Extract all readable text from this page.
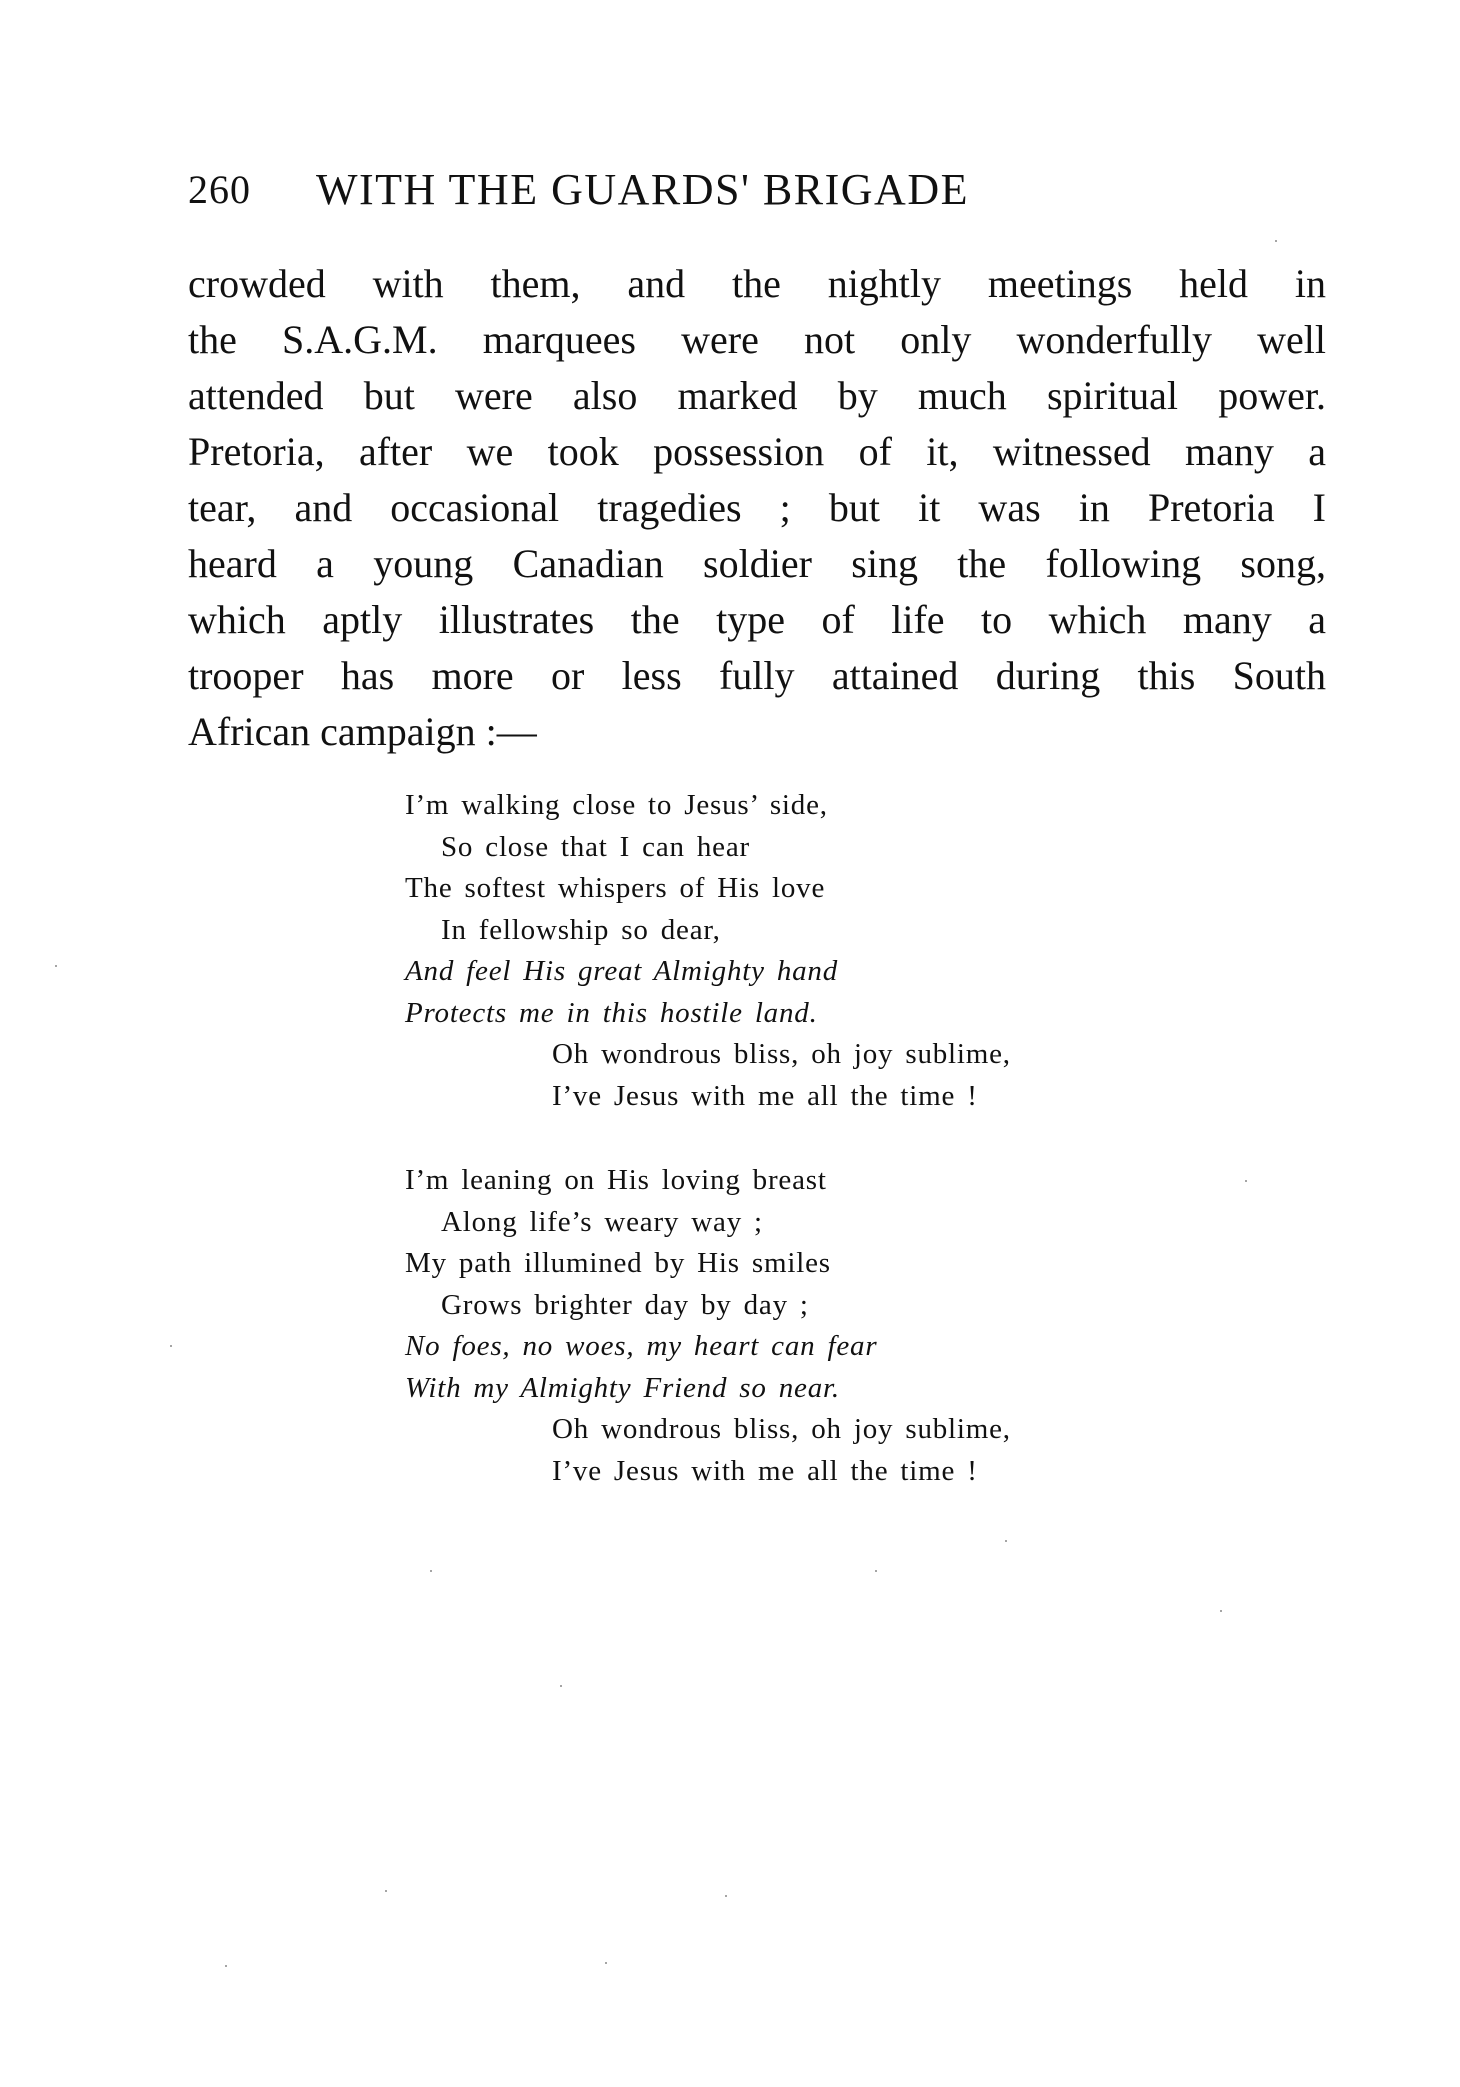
260 WITH THE GUARDS' BRIGADE
crowded with them, and the nightly meetings held in
the S.A.G.M. marquees were not only wonderfully well
attended but were also marked by much spiritual power.
Pretoria, after we took possession of it, witnessed many a
tear, and occasional tragedies ; but it was in Pretoria I
heard a young Canadian soldier sing the following song,
which aptly illustrates the type of life to which many a
trooper has more or less fully attained during this South
African campaign :—
I’m walking close to Jesus’ side,
So close that I can hear
The softest whispers of His love
In fellowship so dear,
And feel His great Almighty hand
Protects me in this hostile land.
Oh wondrous bliss, oh joy sublime,
I’ve Jesus with me all the time !
I’m leaning on His loving breast
Along life’s weary way ;
My path illumined by His smiles
Grows brighter day by day ;
No foes, no woes, my heart can fear
With my Almighty Friend so near.
Oh wondrous bliss, oh joy sublime,
I’ve Jesus with me all the time !
